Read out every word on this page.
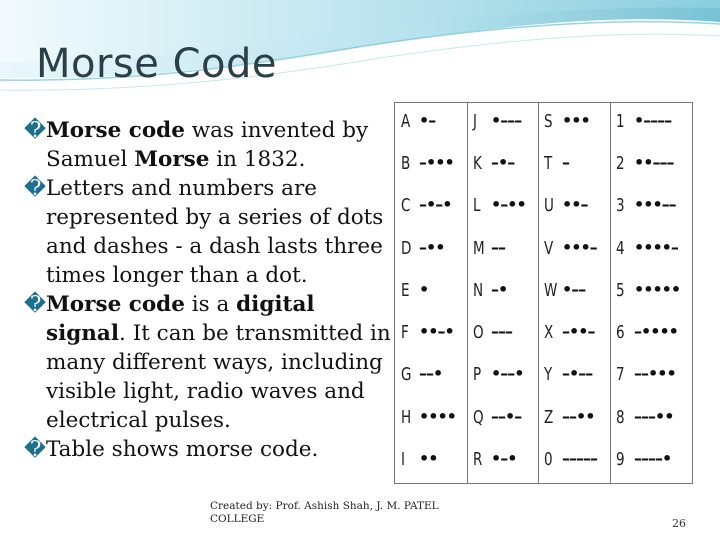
Morse Code

� Morse code was invented by Samuel Morse in 1832.

� Letters and numbers are represented by a series of dots and dashes - a dash lasts three times longer than a dot.

� Morse code is a digital signal. It can be transmitted in many different ways, including visible light, radio waves and electrical pulses.

� Table shows morse code.

A •–
B –•••
C –•–•
D –••
E •
F ••–•
G ––•
H ••••
I ••
J •–––
K –•–
L •–••
M ––
N –•
O –––
P •––•
Q ––•–
R •–•
S •••
T –
U ••–
V •••–
W •––
X –••–
Y –•––
Z ––••
0 –––––
1 •––––
2 ••–––
3 •••––
4 ••••–
5 •••••
6 –••••
7 ––•••
8 –––••
9 ––––•
Created by: Prof. Ashish Shah, J. M. PATEL COLLEGE	26
